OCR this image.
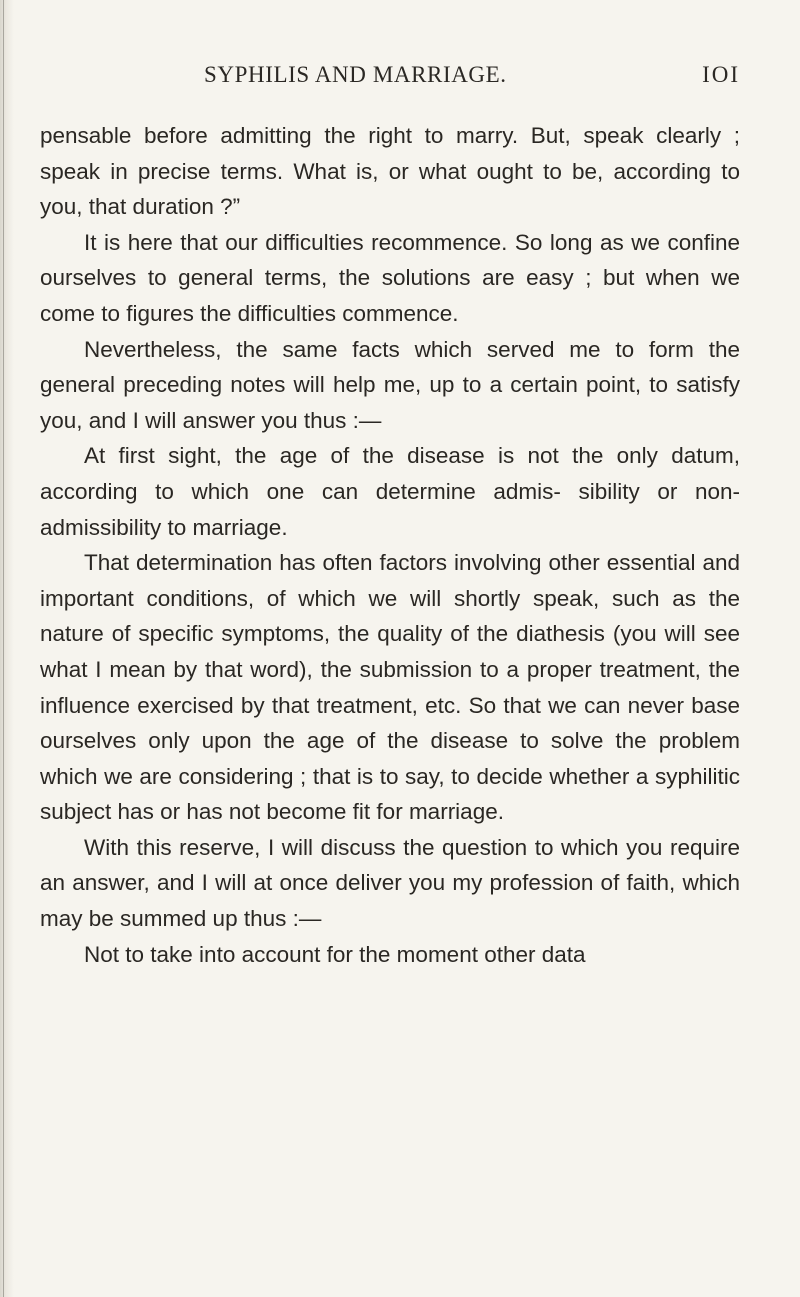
SYPHILIS AND MARRIAGE.	IOI

pensable before admitting the right to marry. But, speak clearly ; speak in precise terms. What is, or what ought to be, according to you, that duration ?”

It is here that our difficulties recommence. So long as we confine ourselves to general terms, the solutions are easy ; but when we come to figures the difficulties commence.

Nevertheless, the same facts which served me to form the general preceding notes will help me, up to a certain point, to satisfy you, and I will answer you thus :—

At first sight, the age of the disease is not the only datum, according to which one can determine admis- sibility or non-admissibility to marriage.

That determination has often factors involving other essential and important conditions, of which we will shortly speak, such as the nature of specific symptoms, the quality of the diathesis (you will see what I mean by that word), the submission to a proper treatment, the influence exercised by that treatment, etc. So that we can never base ourselves only upon the age of the disease to solve the problem which we are considering ; that is to say, to decide whether a syphilitic subject has or has not become fit for marriage.

With this reserve, I will discuss the question to which you require an answer, and I will at once deliver you my profession of faith, which may be summed up thus :—

Not to take into account for the moment other data
